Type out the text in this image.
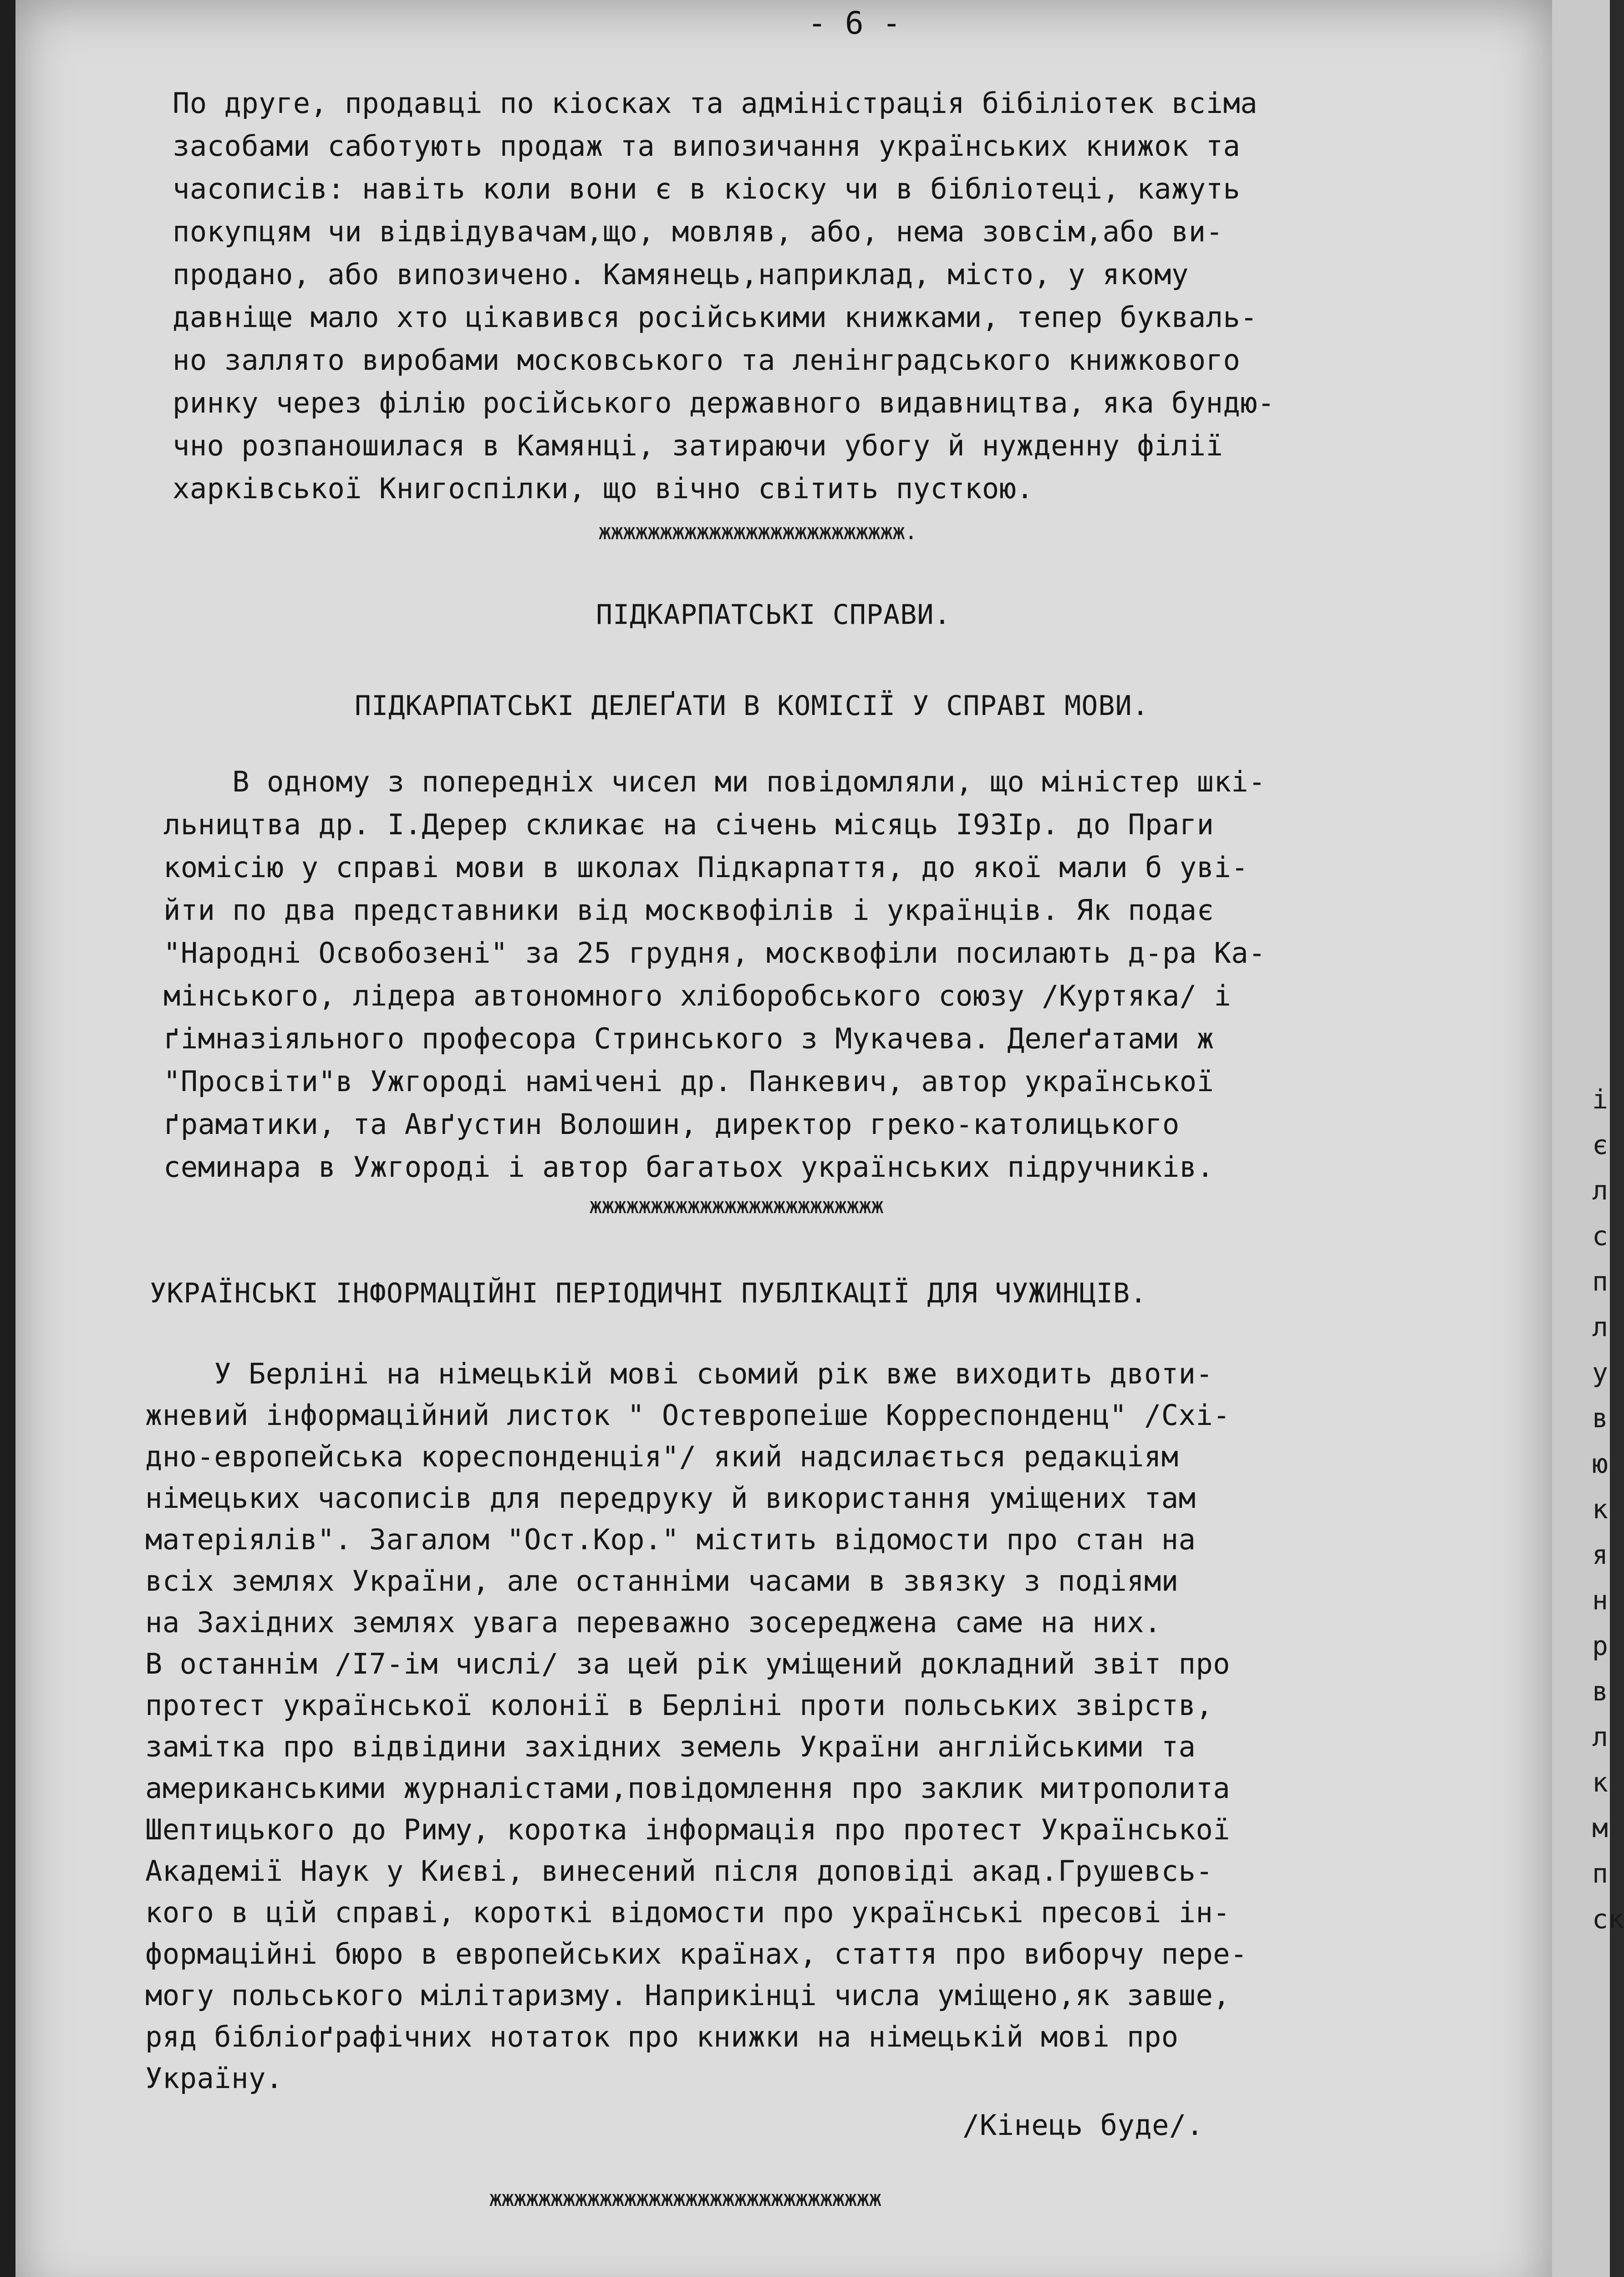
- 6 -
По друге, продавці по кіосках та адміністрація бібіліотек всіма
засобами саботують продаж та випозичання українських книжок та
часописів: навіть коли вони є в кіоску чи в бібліотеці, кажуть
покупцям чи відвідувачам,що, мовляв, або, нема зовсім,або ви-
продано, або випозичено. Камянець,наприклад, місто, у якому
давніще мало хто цікавився російськими книжками, тепер букваль-
но заллято виробами московського та ленінградського книжкового
ринку через філію російського державного видавництва, яка бундю-
чно розпаношилася в Камянці, затираючи убогу й нужденну філії
харківської Книгоспілки, що вічно світить пусткою.
жжжжжжжжжжжжжжжжжжжжжжжжж.
ПІДКАРПАТСЬКІ СПРАВИ.
ПІДКАРПАТСЬКІ ДЕЛЕҐАТИ В КОМІСІЇ У СПРАВІ МОВИ.
В одному з попередніх чисел ми повідомляли, що міністер шкі-
льництва др. І.Дерер скликає на січень місяць І93Ір. до Праги
комісію у справі мови в школах Підкарпаття, до якої мали б уві-
йти по два представники від москвофілів і українців. Як подає
"Народні Освобозені" за 25 грудня, москвофіли посилають д-ра Ка-
мінського, лідера автономного хліборобського союзу /Куртяка/ і
ґімназіяльного професора Стринського з Мукачева. Делеґатами ж
"Просвіти"в Ужгороді намічені др. Панкевич, автор української
ґраматики, та Авґустин Волошин, директор греко-католицького
семинара в Ужгороді і автор багатьох українських підручників.
жжжжжжжжжжжжжжжжжжжжжжжж
УКРАЇНСЬКІ ІНФОРМАЦІЙНІ ПЕРІОДИЧНІ ПУБЛІКАЦІЇ ДЛЯ ЧУЖИНЦІВ.
У Берліні на німецькій мові сьомий рік вже виходить двоти-
жневий інформаційний листок " Остевропеіше Корреспонденц" /Схі-
дно-европейська кореспонденція"/ який надсилається редакціям
німецьких часописів для передруку й використання уміщених там
матеріялів". Загалом "Ост.Кор." містить відомости про стан на
всіх землях України, але останніми часами в звязку з подіями
на Західних землях увага переважно зосереджена саме на них.
В останнім /І7-ім числі/ за цей рік уміщений докладний звіт про
протест української колонії в Берліні проти польських звірств,
замітка про відвідини західних земель України англійськими та
американськими журналістами,повідомлення про заклик митрополита
Шептицького до Риму, коротка інформація про протест Української
Академії Наук у Києві, винесений після доповіді акад.Грушевсь-
кого в цій справі, короткі відомости про українські пресові ін-
формаційні бюро в европейських країнах, стаття про виборчу пере-
могу польського мілітаризму. Наприкінці числа уміщено,як завше,
ряд бібліоґрафічних нотаток про книжки на німецькій мові про
Україну.
/Кінець буде/.
жжжжжжжжжжжжжжжжжжжжжжжжжжжжжжжж
і
є
л
с
п
л
у
в
ю
к
я
н
р
в
л
к
м
п
ск
